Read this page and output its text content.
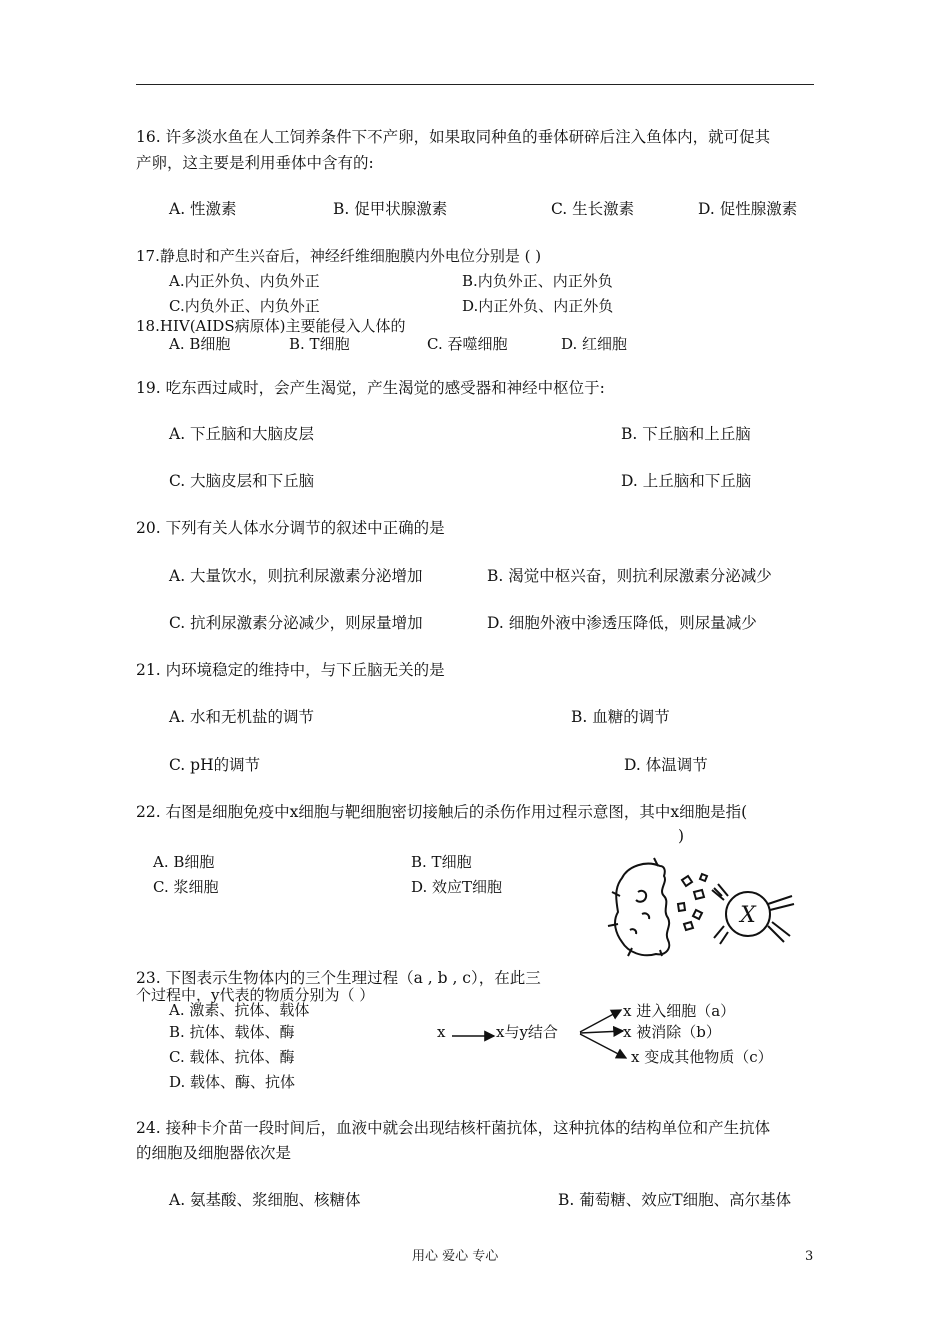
16. 许多淡水鱼在人工饲养条件下不产卵，如果取同种鱼的垂体研碎后注入鱼体内，就可促其
产卵，这主要是利用垂体中含有的:
A. 性激素	B. 促甲状腺激素	C. 生长激素	D. 促性腺激素
17.静息时和产生兴奋后，神经纤维细胞膜内外电位分别是 ( )
A.内正外负、内负外正	B.内负外正、内正外负
C.内负外正、内负外正	D.内正外负、内正外负
18.HIV(AIDS病原体)主要能侵入人体的
A. B细胞	B. T细胞	C. 吞噬细胞	D. 红细胞
19. 吃东西过咸时，会产生渴觉，产生渴觉的感受器和神经中枢位于:
A. 下丘脑和大脑皮层	B. 下丘脑和上丘脑
C. 大脑皮层和下丘脑	D. 上丘脑和下丘脑
20. 下列有关人体水分调节的叙述中正确的是
A. 大量饮水，则抗利尿激素分泌增加	B. 渴觉中枢兴奋，则抗利尿激素分泌减少
C. 抗利尿激素分泌减少，则尿量增加	D. 细胞外液中渗透压降低，则尿量减少
21. 内环境稳定的维持中，与下丘脑无关的是
A. 水和无机盐的调节	B. 血糖的调节
C. pH的调节	D. 体温调节
22. 右图是细胞免疫中x细胞与靶细胞密切接触后的杀伤作用过程示意图，其中x细胞是指(
)
A. B细胞	B. T细胞
C. 浆细胞	D. 效应T细胞
X
23. 下图表示生物体内的三个生理过程（a , b , c），在此三
个过程中，y代表的物质分别为（ ）
A. 激素、抗体、载体
B. 抗体、载体、酶
C. 载体、抗体、酶
D. 载体、酶、抗体
x	x与y结合
x 进入细胞（a）
x 被消除（b）
x 变成其他物质（c）
24. 接种卡介苗一段时间后，血液中就会出现结核杆菌抗体，这种抗体的结构单位和产生抗体
的细胞及细胞器依次是
A. 氨基酸、浆细胞、核糖体	B. 葡萄糖、效应T细胞、高尔基体
用心 爱心 专心	3
